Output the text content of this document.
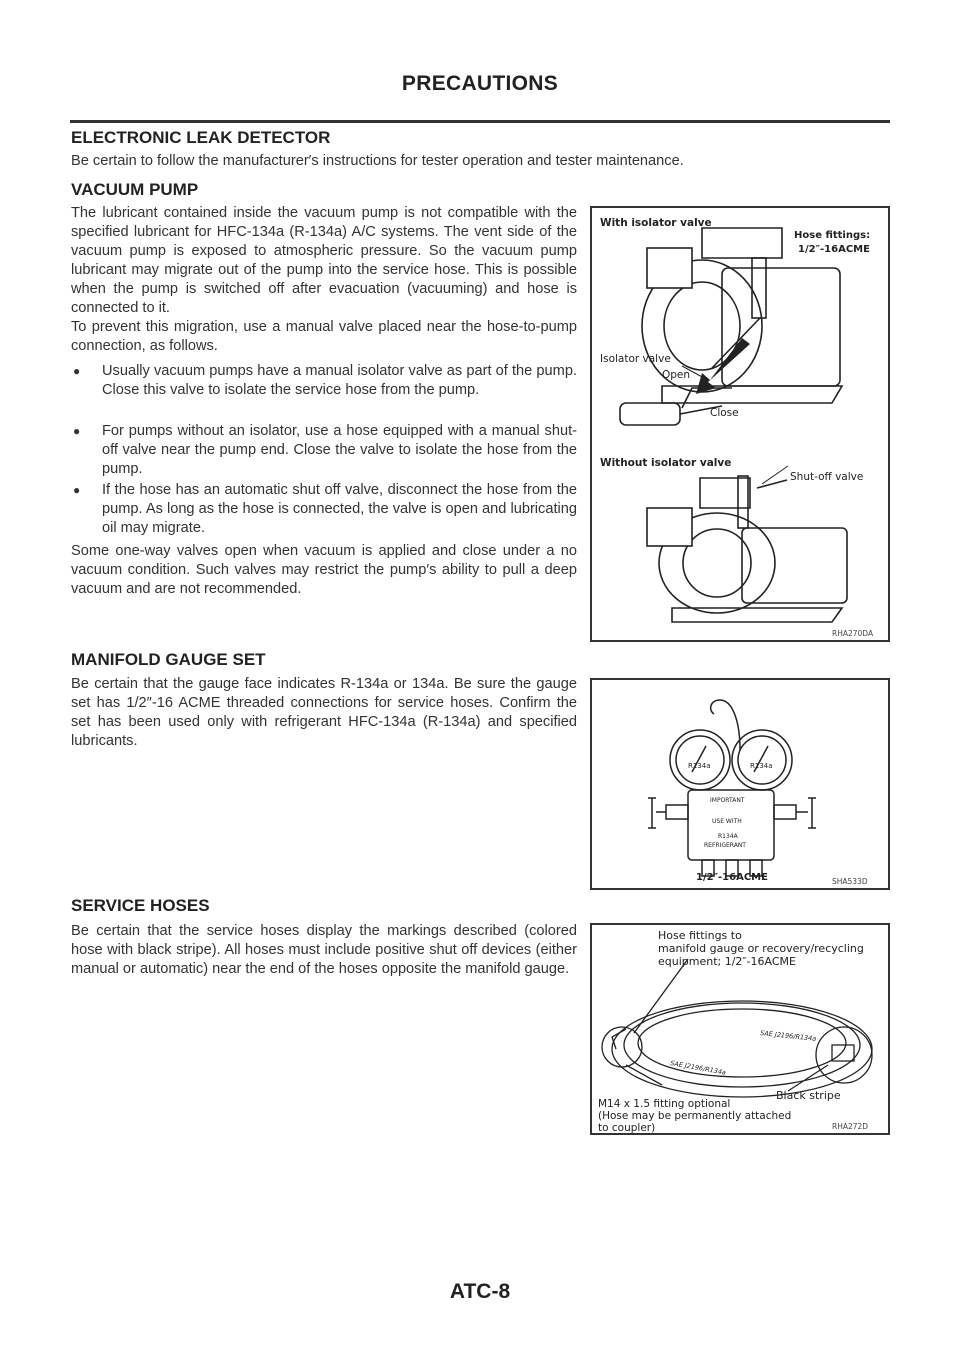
PRECAUTIONS
ELECTRONIC LEAK DETECTOR
Be certain to follow the manufacturer′s instructions for tester operation and tester maintenance.
VACUUM PUMP
The lubricant contained inside the vacuum pump is not compatible with the specified lubricant for HFC-134a (R-134a) A/C systems. The vent side of the vacuum pump is exposed to atmospheric pressure. So the vacuum pump lubricant may migrate out of the pump into the service hose. This is possible when the pump is switched off after evacuation (vacuuming) and hose is connected to it.
To prevent this migration, use a manual valve placed near the hose-to-pump connection, as follows.
● Usually vacuum pumps have a manual isolator valve as part of the pump. Close this valve to isolate the service hose from the pump.
● For pumps without an isolator, use a hose equipped with a manual shut-off valve near the pump end. Close the valve to isolate the hose from the pump.
● If the hose has an automatic shut off valve, disconnect the hose from the pump. As long as the hose is connected, the valve is open and lubricating oil may migrate.
Some one-way valves open when vacuum is applied and close under a no vacuum condition. Such valves may restrict the pump′s ability to pull a deep vacuum and are not recommended.
With isolator valve
Hose fittings:
1/2″-16ACME
Isolator valve
Open
Close
Without isolator valve
Shut-off valve
RHA270DA
MANIFOLD GAUGE SET
Be certain that the gauge face indicates R-134a or 134a. Be sure the gauge set has 1/2″-16 ACME threaded connections for service hoses. Confirm the set has been used only with refrigerant HFC-134a (R-134a) and specified lubricants.
R134a	R134a
IMPORTANT
USE WITH
R134A
REFRIGERANT
1/2″-16ACME	SHA533D
SERVICE HOSES
Be certain that the service hoses display the markings described (colored hose with black stripe). All hoses must include positive shut off devices (either manual or automatic) near the end of the hoses opposite the manifold gauge.
Hose fittings to
manifold gauge or recovery/recycling
equipment; 1/2″-16ACME
SAE J2196/R134a
SAE J2196/R134a
Black stripe
M14 x 1.5 fitting optional
(Hose may be permanently attached
to coupler)	RHA272D
ATC-8
